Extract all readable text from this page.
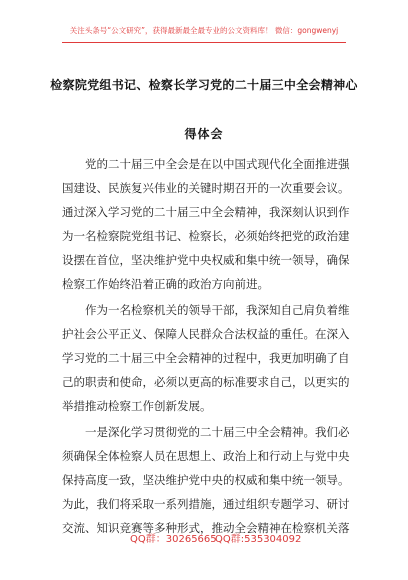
关注头条号“公文研究”，获得最新最全最专业的公文资料库！ 微信：gongwenyj
检察院党组书记、检察长学习党的二十届三中全会精神心
得体会
　　党的二十届三中全会是在以中国式现代化全面推进强
国建设、民族复兴伟业的关键时期召开的一次重要会议。
通过深入学习党的二十届三中全会精神，我深刻认识到作
为一名检察院党组书记、检察长，必须始终把党的政治建
设摆在首位，坚决维护党中央权威和集中统一领导，确保
检察工作始终沿着正确的政治方向前进。
　　作为一名检察机关的领导干部，我深知自己肩负着维
护社会公平正义、保障人民群众合法权益的重任。在深入
学习党的二十届三中全会精神的过程中，我更加明确了自
己的职责和使命，必须以更高的标准要求自己，以更实的
举措推动检察工作创新发展。
　　一是深化学习贯彻党的二十届三中全会精神。我们必
须确保全体检察人员在思想上、政治上和行动上与党中央
保持高度一致，坚决维护党中央的权威和集中统一领导。
为此，我们将采取一系列措施，通过组织专题学习、研讨
交流、知识竞赛等多种形式，推动全会精神在检察机关落
QQ群：30265665
QQ群:535304092
